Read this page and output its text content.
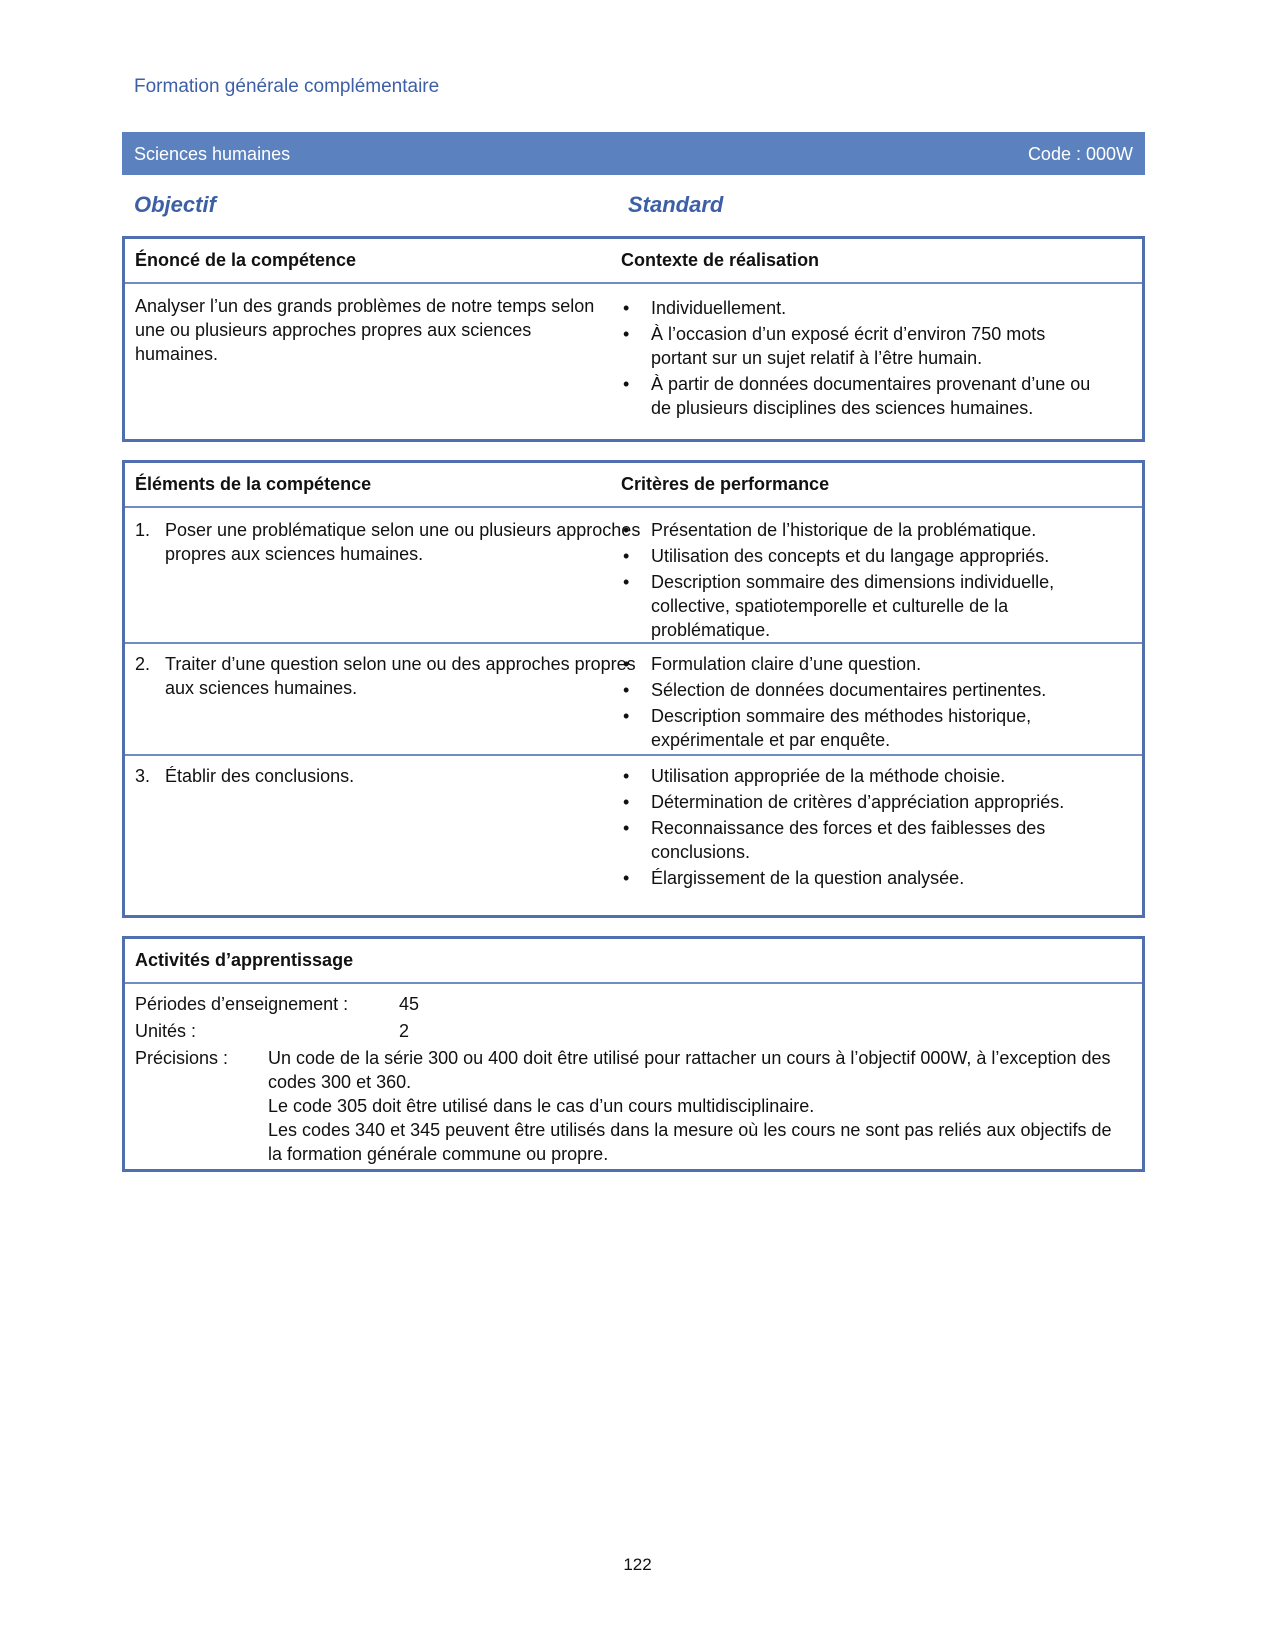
Formation générale complémentaire
Sciences humaines	Code : 000W
Objectif	Standard
Énoncé de la compétence	Contexte de réalisation
Analyser l’un des grands problèmes de notre temps selon une ou plusieurs approches propres aux sciences humaines.
• Individuellement.
• À l’occasion d’un exposé écrit d’environ 750 mots portant sur un sujet relatif à l’être humain.
• À partir de données documentaires provenant d’une ou de plusieurs disciplines des sciences humaines.
Éléments de la compétence	Critères de performance
1. Poser une problématique selon une ou plusieurs approches propres aux sciences humaines.
• Présentation de l’historique de la problématique.
• Utilisation des concepts et du langage appropriés.
• Description sommaire des dimensions individuelle, collective, spatiotemporelle et culturelle de la problématique.
2. Traiter d’une question selon une ou des approches propres aux sciences humaines.
• Formulation claire d’une question.
• Sélection de données documentaires pertinentes.
• Description sommaire des méthodes historique, expérimentale et par enquête.
3. Établir des conclusions.
•	Utilisation appropriée de la méthode choisie.
• Détermination de critères d’appréciation appropriés.
• Reconnaissance des forces et des faiblesses des conclusions.
• Élargissement de la question analysée.
Activités d’apprentissage
Périodes d’enseignement :	45
Unités :	2
Précisions : Un code de la série 300 ou 400 doit être utilisé pour rattacher un cours à l’objectif 000W, à l’exception des codes 300 et 360.

Le code 305 doit être utilisé dans le cas d’un cours multidisciplinaire.

Les codes 340 et 345 peuvent être utilisés dans la mesure où les cours ne sont pas reliés aux objectifs de la formation générale commune ou propre.

122
